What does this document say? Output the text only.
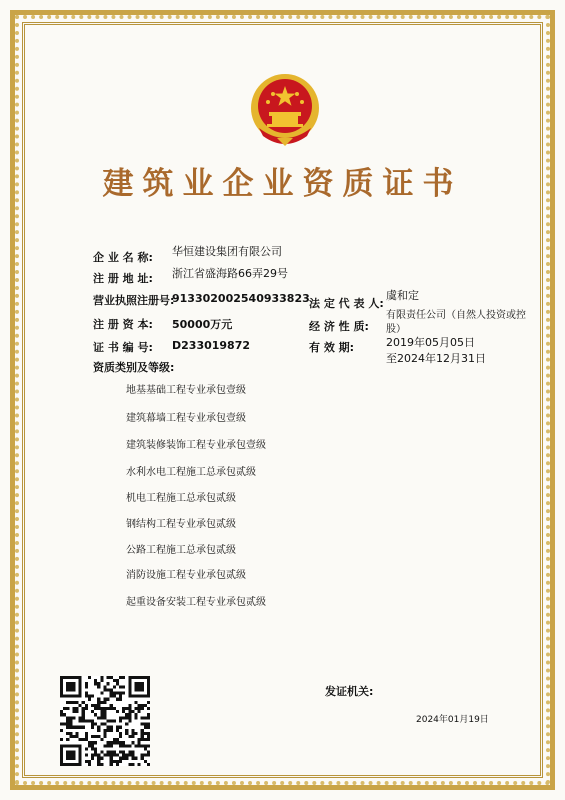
建筑业企业资质证书
企 业 名 称: 华恒建设集团有限公司
注 册 地 址: 浙江省盛海路66弄29号
营业执照注册号:
913302002540933823
注 册 资 本: 50000万元
证 书 编 号: D233019872
资质类别及等级:
法 定 代 表 人:
虞和定
经 济 性 质:
有限责任公司（自然人投资或控
股）
有 效 期:	2019年05月05日
至2024年12月31日
地基基础工程专业承包壹级
建筑幕墙工程专业承包壹级
建筑装修装饰工程专业承包壹级
水利水电工程施工总承包贰级
机电工程施工总承包贰级
钢结构工程专业承包贰级
公路工程施工总承包贰级
消防设施工程专业承包贰级
起重设备安装工程专业承包贰级
发证机关:
2024年01月19日
